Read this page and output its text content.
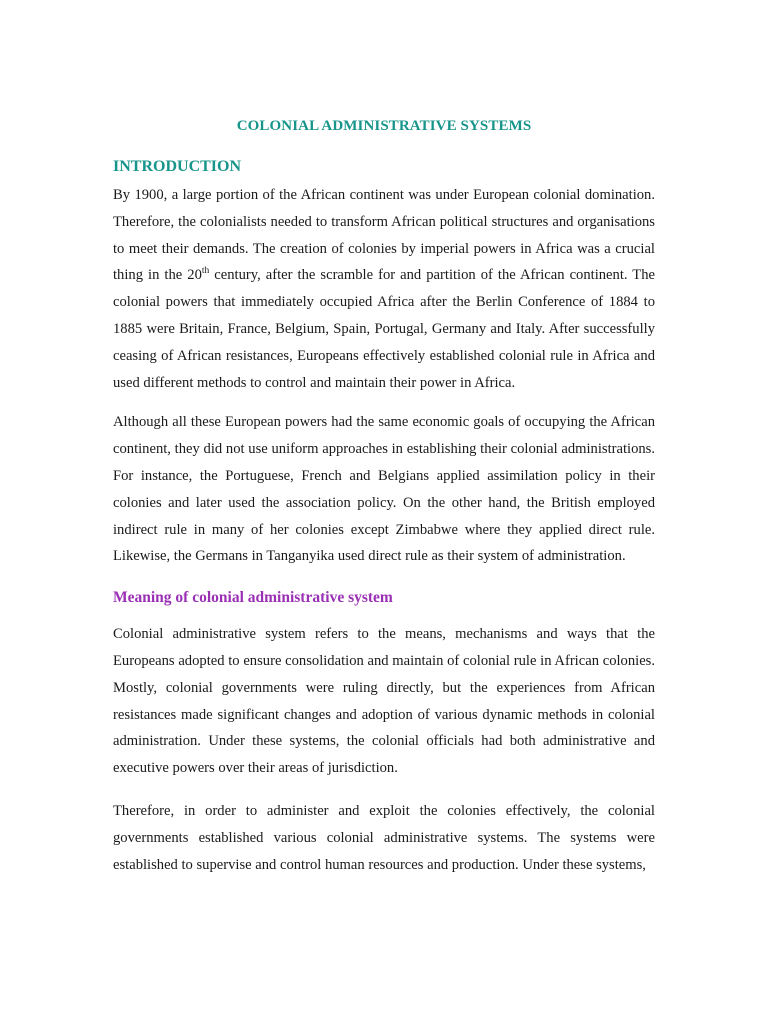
COLONIAL ADMINISTRATIVE SYSTEMS
INTRODUCTION

By 1900, a large portion of the African continent was under European colonial domination. Therefore, the colonialists needed to transform African political structures and organisations to meet their demands. The creation of colonies by imperial powers in Africa was a crucial thing in the 20th century, after the scramble for and partition of the African continent. The colonial powers that immediately occupied Africa after the Berlin Conference of 1884 to 1885 were Britain, France, Belgium, Spain, Portugal, Germany and Italy. After successfully ceasing of African resistances, Europeans effectively established colonial rule in Africa and used different methods to control and maintain their power in Africa.

Although all these European powers had the same economic goals of occupying the African continent, they did not use uniform approaches in establishing their colonial administrations. For instance, the Portuguese, French and Belgians applied assimilation policy in their colonies and later used the association policy. On the other hand, the British employed indirect rule in many of her colonies except Zimbabwe where they applied direct rule. Likewise, the Germans in Tanganyika used direct rule as their system of administration.

Meaning of colonial administrative system

Colonial administrative system refers to the means, mechanisms and ways that the Europeans adopted to ensure consolidation and maintain of colonial rule in African colonies. Mostly, colonial governments were ruling directly, but the experiences from African resistances made significant changes and adoption of various dynamic methods in colonial administration. Under these systems, the colonial officials had both administrative and executive powers over their areas of jurisdiction.

Therefore, in order to administer and exploit the colonies effectively, the colonial governments established various colonial administrative systems. The systems were established to supervise and control human resources and production. Under these systems,
